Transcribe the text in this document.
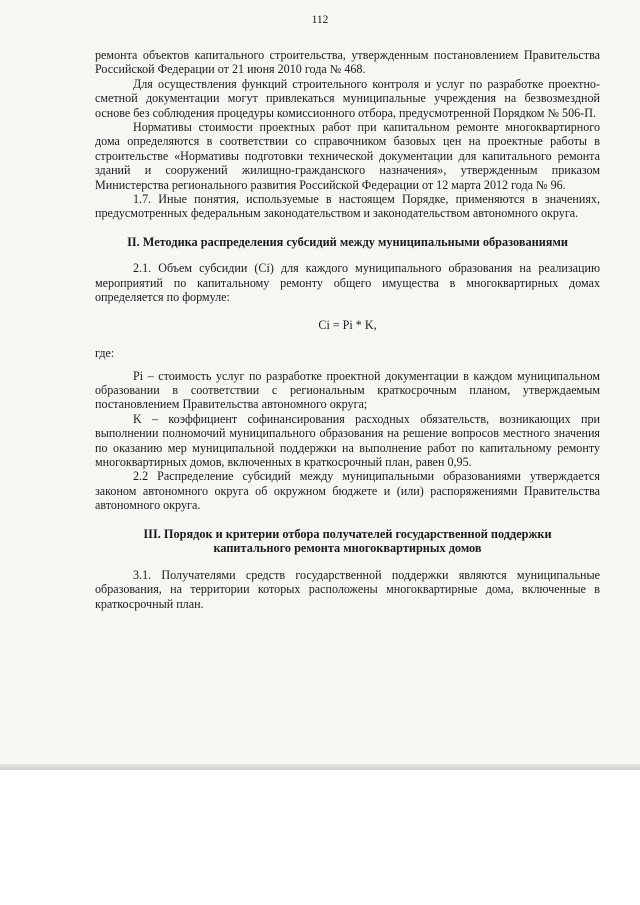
112

ремонта объектов капитального строительства, утвержденным постановлением Правительства Российской Федерации от 21 июня 2010 года № 468.

Для осуществления функций строительного контроля и услуг по разработке проектно-сметной документации могут привлекаться муниципальные учреждения на безвозмездной основе без соблюдения процедуры комиссионного отбора, предусмотренной Порядком № 506-П.

Нормативы стоимости проектных работ при капитальном ремонте многоквартирного дома определяются в соответствии со справочником базовых цен на проектные работы в строительстве «Нормативы подготовки технической документации для капитального ремонта зданий и сооружений жилищно-гражданского назначения», утвержденным приказом Министерства регионального развития Российской Федерации от 12 марта 2012 года № 96.

1.7. Иные понятия, используемые в настоящем Порядке, применяются в значениях, предусмотренных федеральным законодательством и законодательством автономного округа.

II. Методика распределения субсидий между муниципальными образованиями

2.1. Объем субсидии (Ci) для каждого муниципального образования на реализацию мероприятий по капитальному ремонту общего имущества в многоквартирных домах определяется по формуле:

Ci = Pi * K,

где:

Pi – стоимость услуг по разработке проектной документации в каждом муниципальном образовании в соответствии с региональным краткосрочным планом, утверждаемым постановлением Правительства автономного округа;

K – коэффициент софинансирования расходных обязательств, возникающих при выполнении полномочий муниципального образования на решение вопросов местного значения по оказанию мер муниципальной поддержки на выполнение работ по капитальному ремонту многоквартирных домов, включенных в краткосрочный план, равен 0,95.

2.2 Распределение субсидий между муниципальными образованиями утверждается законом автономного округа об окружном бюджете и (или) распоряжениями Правительства автономного округа.

III. Порядок и критерии отбора получателей государственной поддержки капитального ремонта многоквартирных домов

3.1. Получателями средств государственной поддержки являются муниципальные образования, на территории которых расположены многоквартирные дома, включенные в краткосрочный план.
